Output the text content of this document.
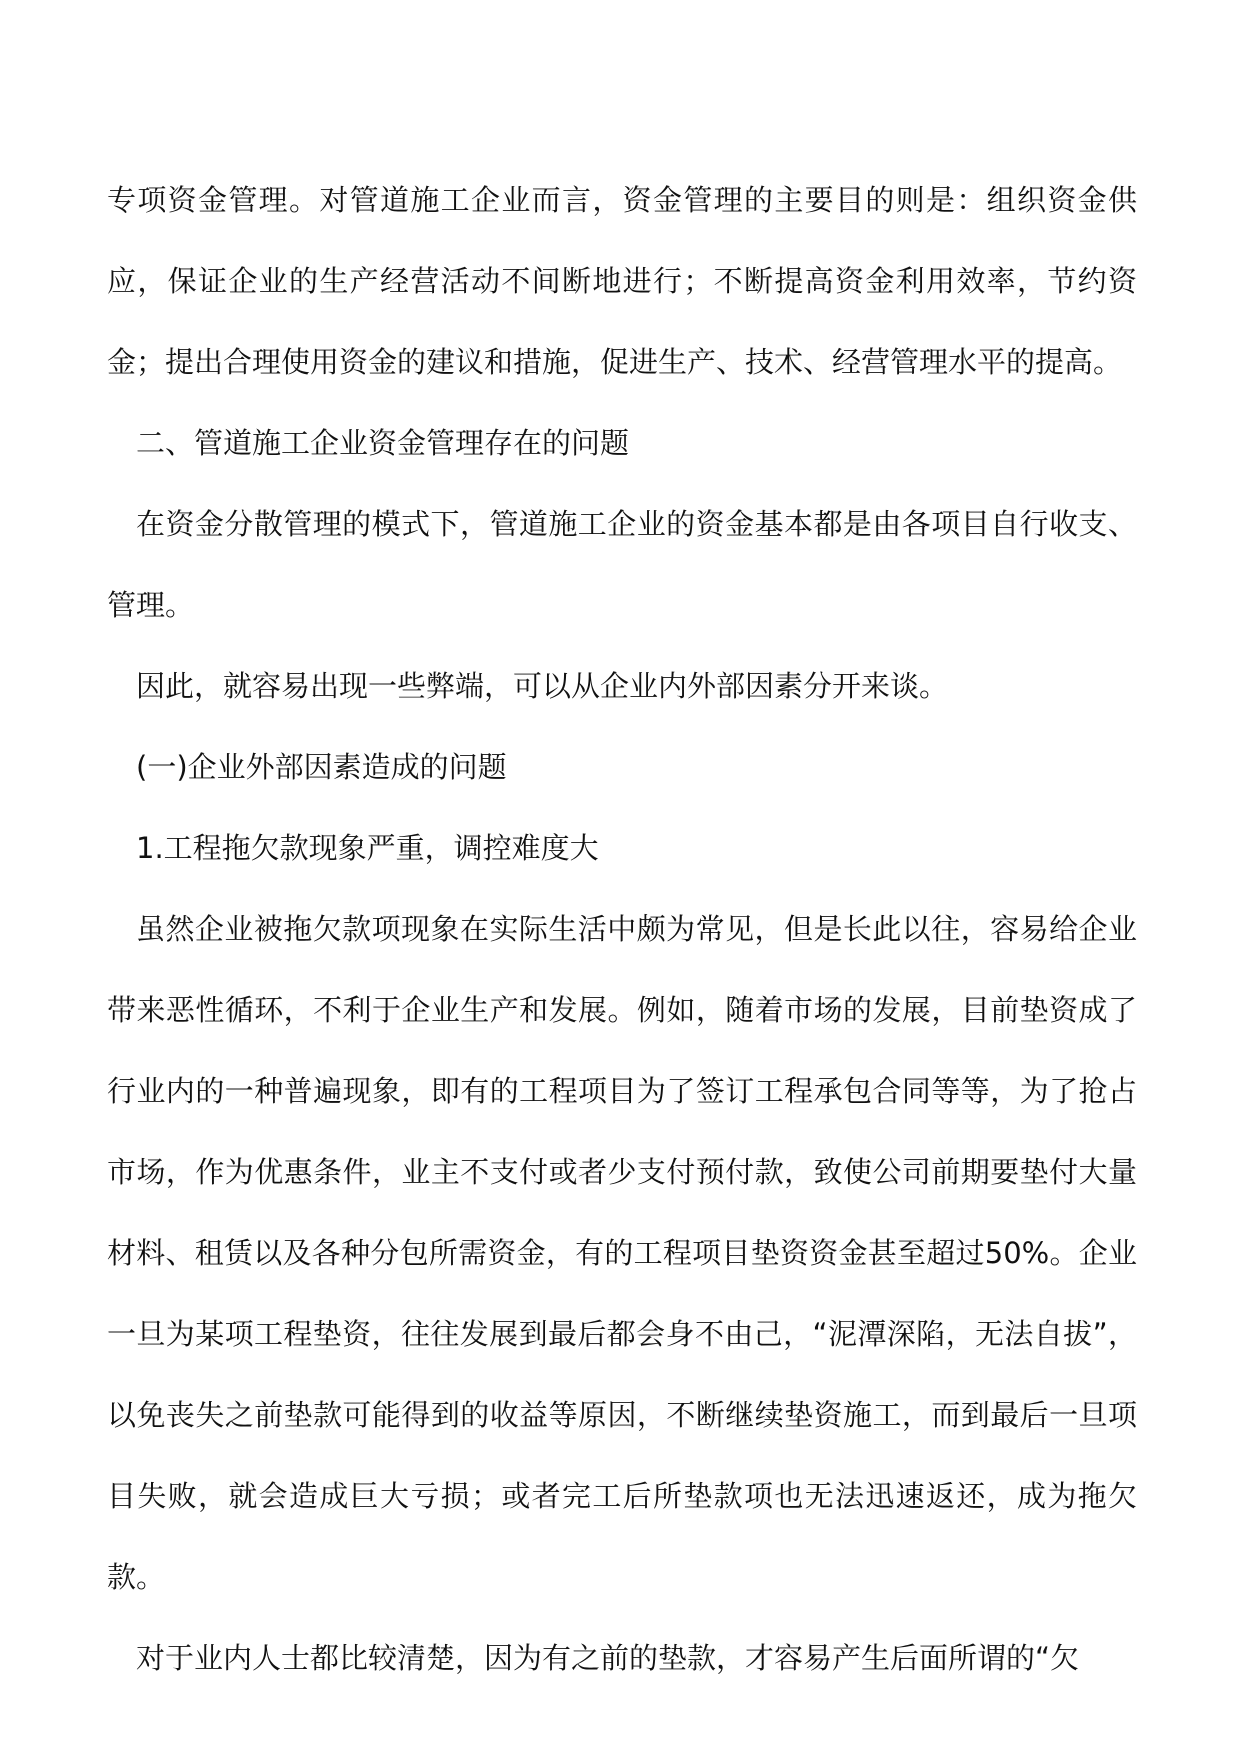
专项资金管理。对管道施工企业而言，资金管理的主要目的则是：组织资金供应，保证企业的生产经营活动不间断地进行；不断提高资金利用效率，节约资金；提出合理使用资金的建议和措施，促进生产、技术、经营管理水平的提高。

二、管道施工企业资金管理存在的问题

在资金分散管理的模式下，管道施工企业的资金基本都是由各项目自行收支、管理。

因此，就容易出现一些弊端，可以从企业内外部因素分开来谈。

(一)企业外部因素造成的问题

1.工程拖欠款现象严重，调控难度大

虽然企业被拖欠款项现象在实际生活中颇为常见，但是长此以往，容易给企业带来恶性循环，不利于企业生产和发展。例如，随着市场的发展，目前垫资成了行业内的一种普遍现象，即有的工程项目为了签订工程承包合同等等，为了抢占市场，作为优惠条件，业主不支付或者少支付预付款，致使公司前期要垫付大量材料、租赁以及各种分包所需资金，有的工程项目垫资资金甚至超过50%。企业一旦为某项工程垫资，往往发展到最后都会身不由己，“泥潭深陷，无法自拔”，以免丧失之前垫款可能得到的收益等原因，不断继续垫资施工，而到最后一旦项目失败，就会造成巨大亏损；或者完工后所垫款项也无法迅速返还，成为拖欠款。

对于业内人士都比较清楚，因为有之前的垫款，才容易产生后面所谓的“欠
